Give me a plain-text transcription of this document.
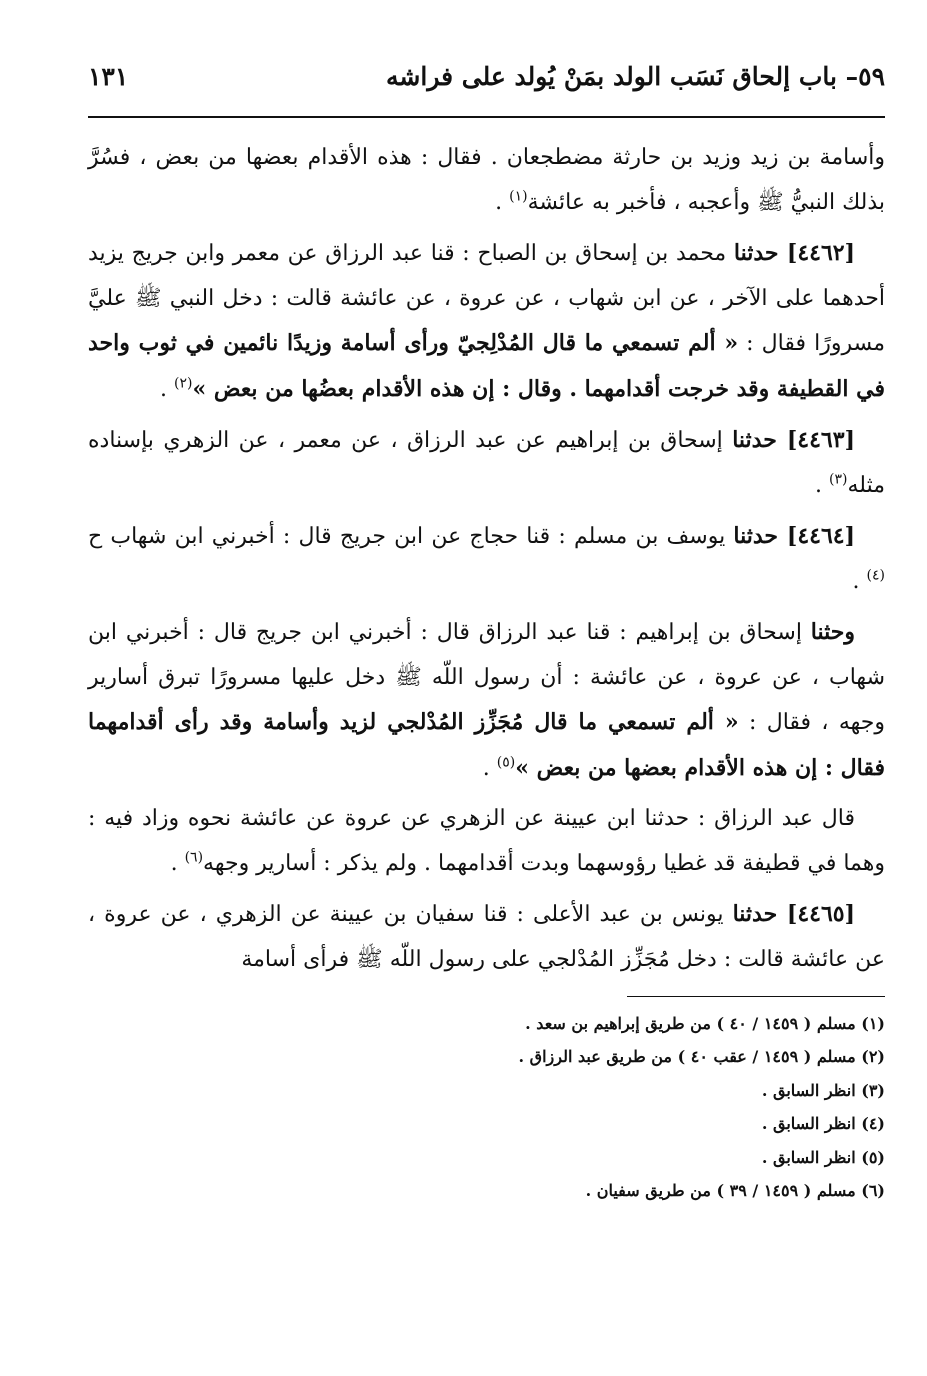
٥٩– باب إلحاق نَسَب الولد بمَنْ يُولد على فراشه
١٣١

وأسامة بن زيد وزيد بن حارثة مضطجعان . فقال : هذه الأقدام بعضها من بعض ، فسُرَّ بذلك النبيُّ ﷺ وأعجبه ، فأخبر به عائشة$^{(١)}$ .

[٤٤٦٢] حدثنا محمد بن إسحاق بن الصباح : قنا عبد الرزاق عن معمر وابن جريج يزيد أحدهما على الآخر ، عن ابن شهاب ، عن عروة ، عن عائشة قالت : دخل النبي ﷺ عليَّ مسرورًا فقال : « ألم تسمعي ما قال المُدْلِجيّ ورأى أسامة وزيدًا نائمين في ثوب واحد في القطيفة وقد خرجت أقدامهما . وقال : إن هذه الأقدام بعضُها من بعض »$^{(٢)}$ .

[٤٤٦٣] حدثنا إسحاق بن إبراهيم عن عبد الرزاق ، عن معمر ، عن الزهري بإسناده مثله$^{(٣)}$ .

[٤٤٦٤] حدثنا يوسف بن مسلم : قنا حجاج عن ابن جريج قال : أخبرني ابن شهاب ح $^{(٤)}$ .

وحثنا إسحاق بن إبراهيم : قنا عبد الرزاق قال : أخبرني ابن جريج قال : أخبرني ابن شهاب ، عن عروة ، عن عائشة : أن رسول اللّه ﷺ دخل عليها مسرورًا تبرق أسارير وجهه ، فقال : « ألم تسمعي ما قال مُجَزِّز المُدْلجي لزيد وأسامة وقد رأى أقدامهما فقال : إن هذه الأقدام بعضها من بعض »$^{(٥)}$ .

قال عبد الرزاق : حدثنا ابن عيينة عن الزهري عن عروة عن عائشة نحوه وزاد فيه : وهما في قطيفة قد غطيا رؤوسهما وبدت أقدامهما . ولم يذكر : أسارير وجهه$^{(٦)}$ .

[٤٤٦٥] حدثنا يونس بن عبد الأعلى : قنا سفيان بن عيينة عن الزهري ، عن عروة ، عن عائشة قالت : دخل مُجَزِّز المُدْلجي على رسول اللّه ﷺ فرأى أسامة

(١) مسلم ( ١٤٥٩ / ٤٠ ) من طريق إبراهيم بن سعد .
(٢) مسلم ( ١٤٥٩ / عقب ٤٠ ) من طريق عبد الرزاق .
(٣) انظر السابق .
(٤) انظر السابق .
(٥) انظر السابق .
(٦) مسلم ( ١٤٥٩ / ٣٩ ) من طريق سفيان .
